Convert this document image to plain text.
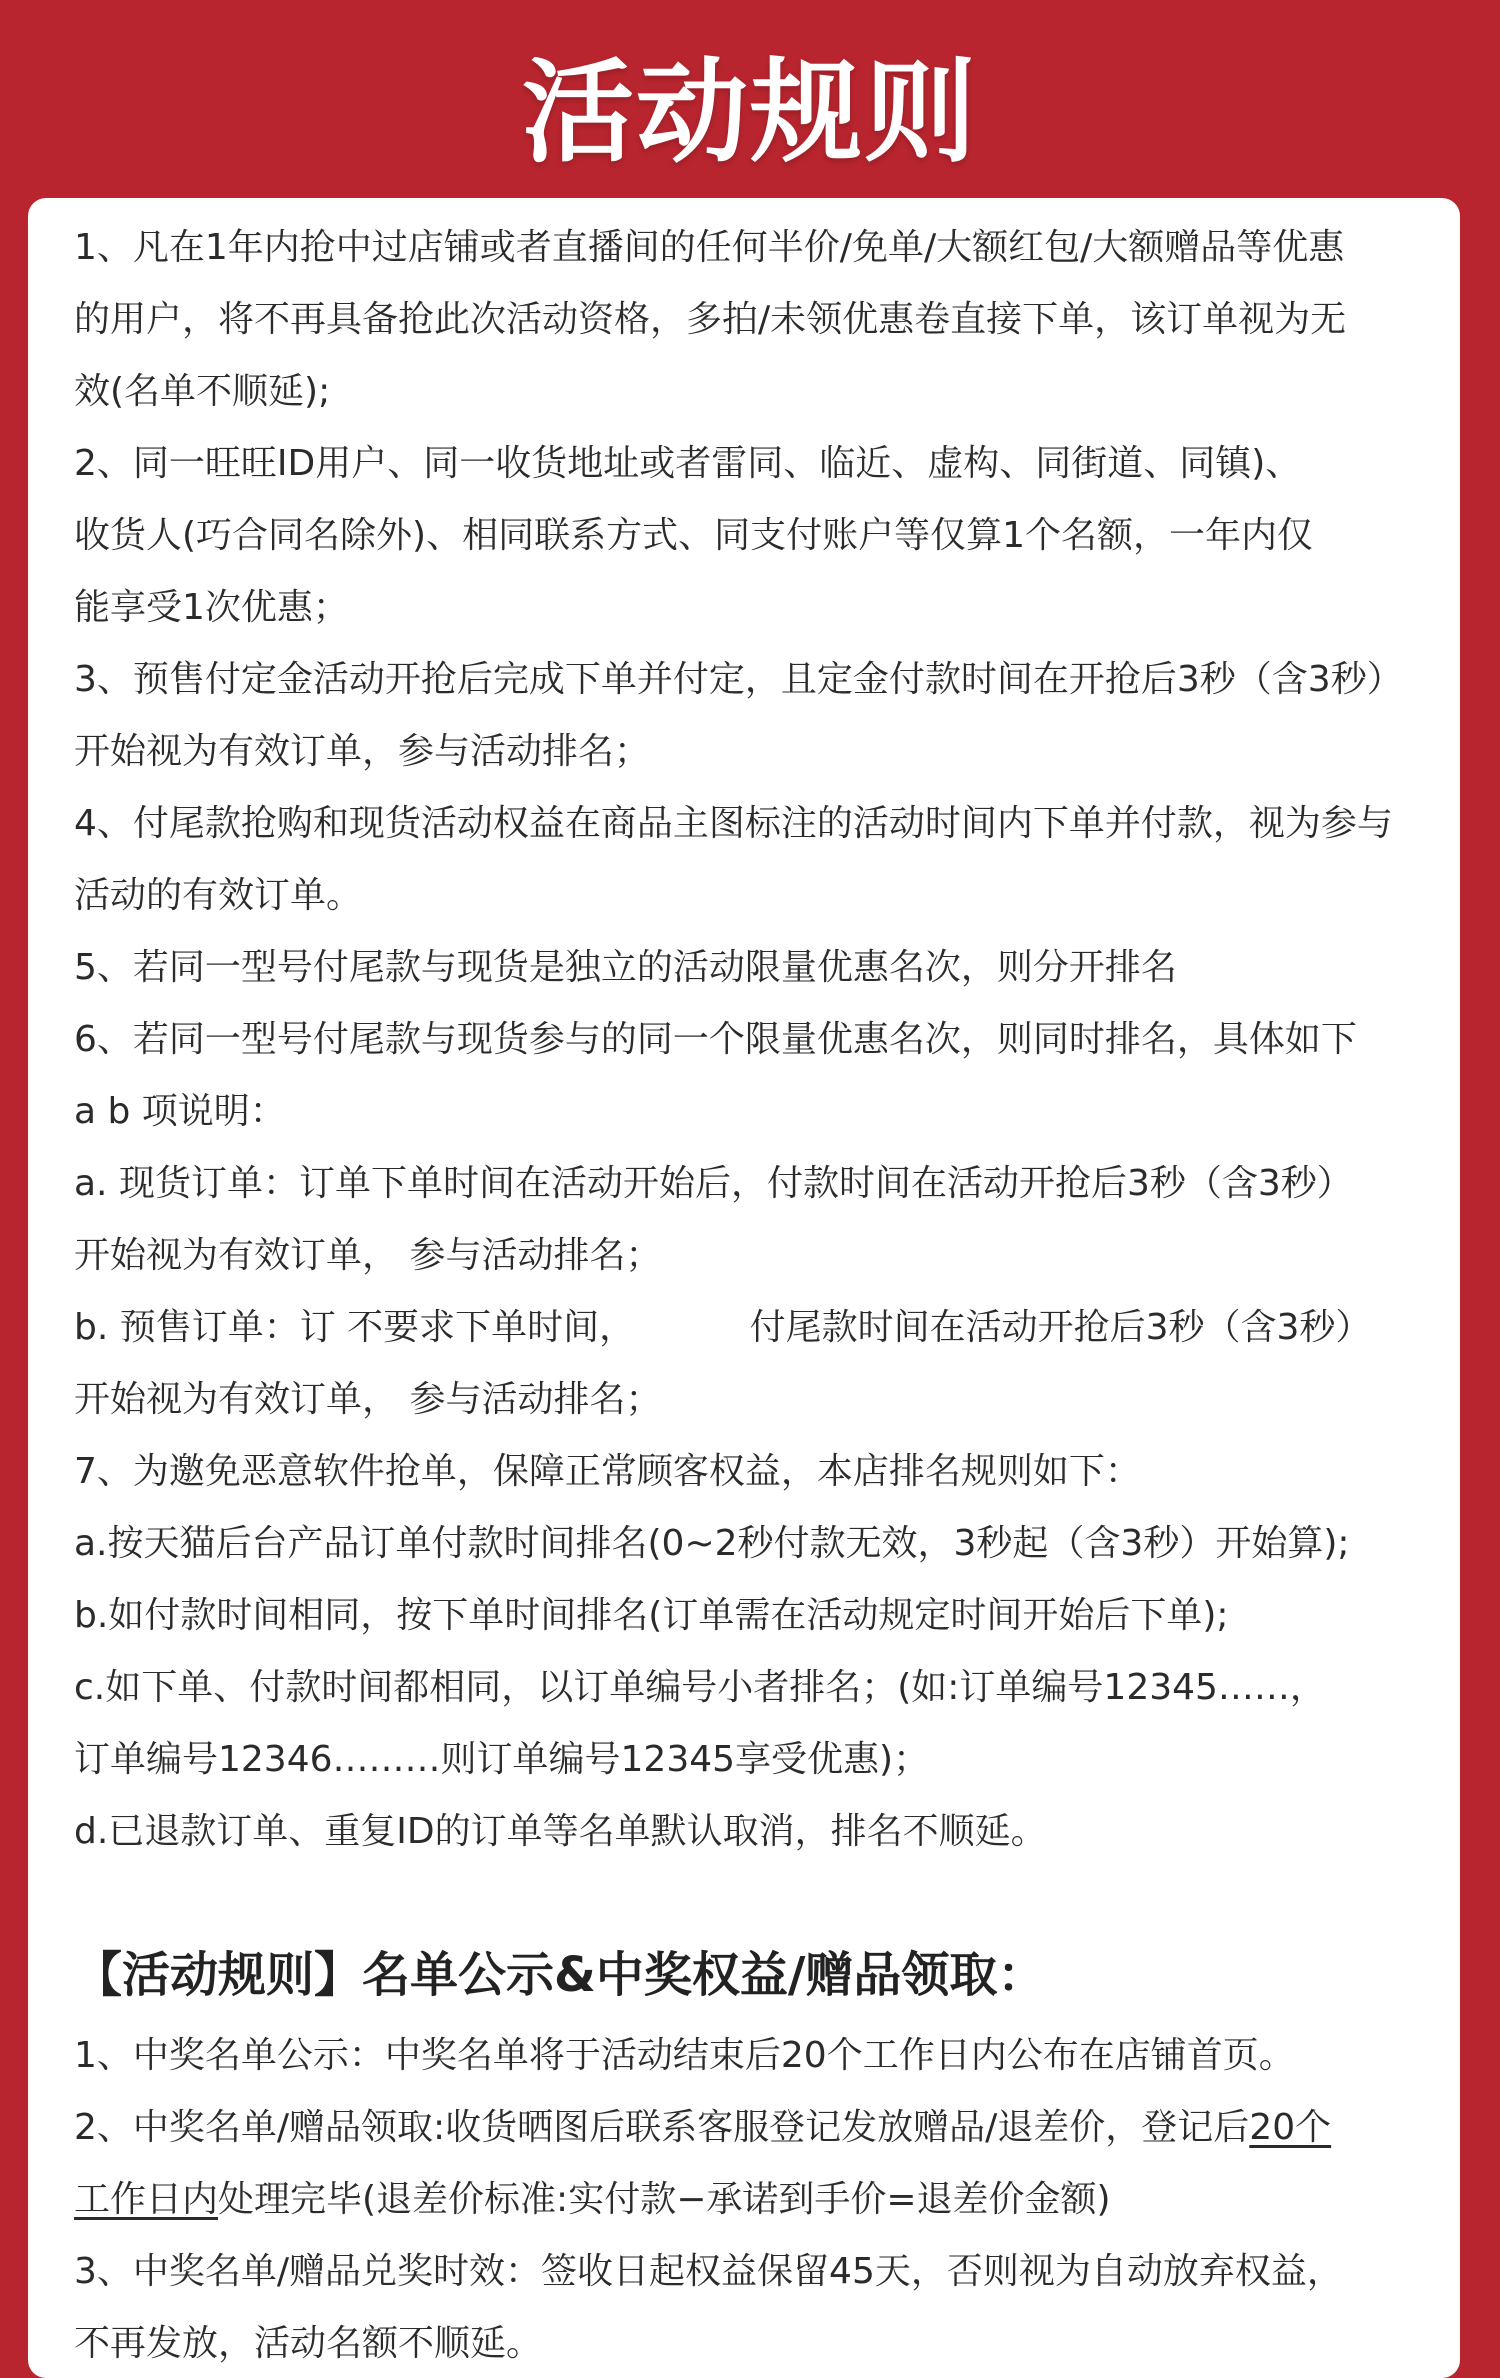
活动规则
1、凡在1年内抢中过店铺或者直播间的任何半价/免单/大额红包/大额赠品等优惠
的用户，将不再具备抢此次活动资格，多拍/未领优惠卷直接下单，该订单视为无
效(名单不顺延);
2、同一旺旺ID用户、同一收货地址或者雷同、临近、虚构、同街道、同镇)、
收货人(巧合同名除外)、相同联系方式、同支付账户等仅算1个名额，一年内仅
能享受1次优惠；
3、预售付定金活动开抢后完成下单并付定，且定金付款时间在开抢后3秒（含3秒）
开始视为有效订单，参与活动排名；
4、付尾款抢购和现货活动权益在商品主图标注的活动时间内下单并付款，视为参与
活动的有效订单。
5、若同一型号付尾款与现货是独立的活动限量优惠名次，则分开排名
6、若同一型号付尾款与现货参与的同一个限量优惠名次，则同时排名，具体如下
a b 项说明：
a. 现货订单：订单下单时间在活动开始后，付款时间在活动开抢后3秒（含3秒）
开始视为有效订单， 参与活动排名；
b. 预售订单：订 不要求下单时间，          付尾款时间在活动开抢后3秒（含3秒）
开始视为有效订单， 参与活动排名；
7、为邀免恶意软件抢单，保障正常顾客权益，本店排名规则如下：
a.按天猫后台产品订单付款时间排名(0~2秒付款无效，3秒起（含3秒）开始算);
b.如付款时间相同，按下单时间排名(订单需在活动规定时间开始后下单);
c.如下单、付款时间都相同，以订单编号小者排名；(如:订单编号12345……，
订单编号12346………则订单编号12345享受优惠)；
d.已退款订单、重复ID的订单等名单默认取消，排名不顺延。
【活动规则】名单公示&中奖权益/赠品领取：
1、中奖名单公示：中奖名单将于活动结束后20个工作日内公布在店铺首页。
2、中奖名单/赠品领取:收货晒图后联系客服登记发放赠品/退差价，登记后20个
工作日内处理完毕(退差价标准:实付款−承诺到手价=退差价金额)
3、中奖名单/赠品兑奖时效：签收日起权益保留45天，否则视为自动放弃权益，
不再发放，活动名额不顺延。
